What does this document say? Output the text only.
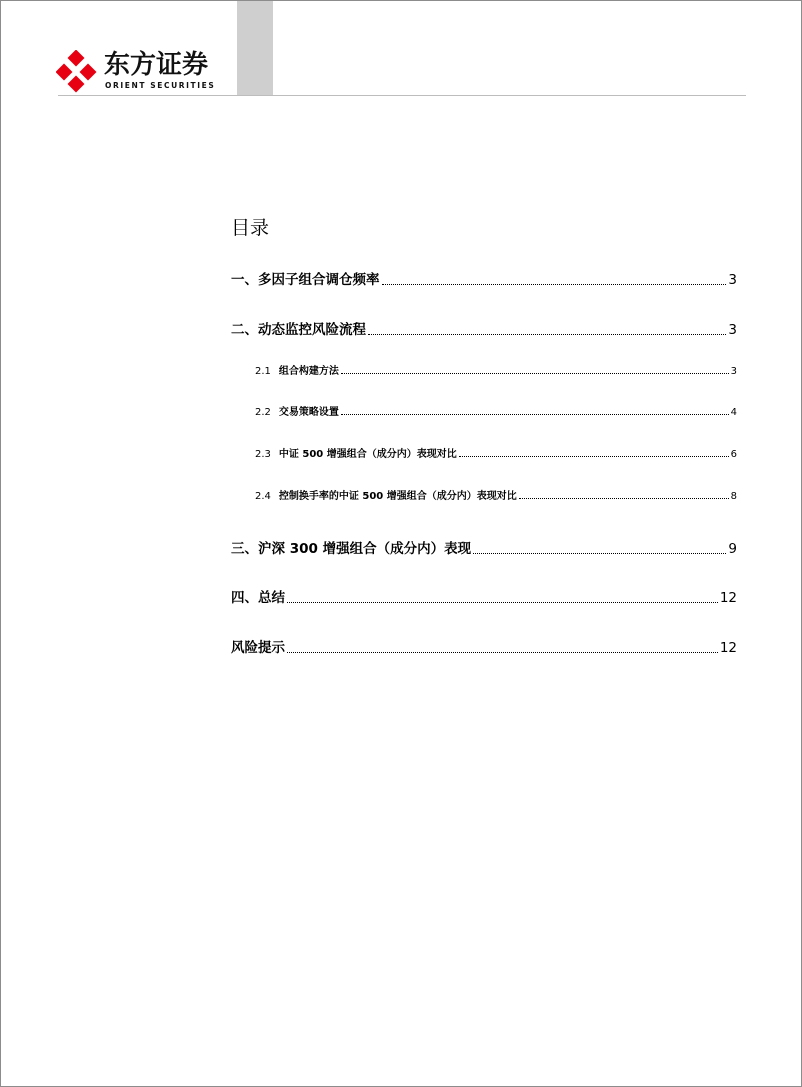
东方证券
ORIENT SECURITIES
目录
一、多因子组合调仓频率	3
二、动态监控风险流程	3
2.1 组合构建方法	3
2.2 交易策略设置	4
2.3 中证 500 增强组合（成分内）表现对比	6
2.4 控制换手率的中证 500 增强组合（成分内）表现对比	8
三、沪深 300 增强组合（成分内）表现	9
四、总结	12
风险提示	12
